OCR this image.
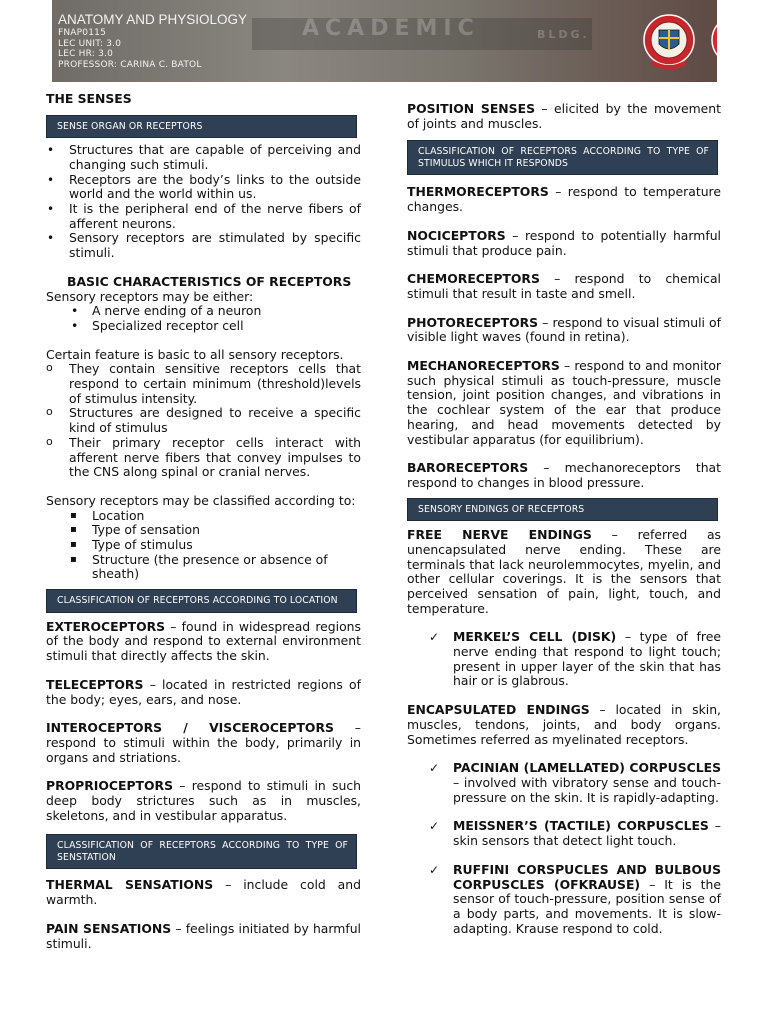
ACADEMIC	BLDG.
ANATOMY AND PHYSIOLOGY
FNAP0115
LEC UNIT: 3.0
LEC HR: 3.0
PROFESSOR: CARINA C. BATOL
THE SENSES
SENSE ORGAN OR RECEPTORS
• Structures that are capable of perceiving and changing such stimuli.
• Receptors are the body’s links to the outside world and the world within us.
• It is the peripheral end of the nerve fibers of afferent neurons.
• Sensory receptors are stimulated by specific stimuli.
BASIC CHARACTERISTICS OF RECEPTORS

Sensory receptors may be either:

• A nerve ending of a neuron
• Specialized receptor cell

Certain feature is basic to all sensory receptors.

o They contain sensitive receptors cells that respond to certain minimum (threshold)levels of stimulus intensity.
o Structures are designed to receive a specific kind of stimulus
o Their primary receptor cells interact with afferent nerve fibers that convey impulses to the CNS along spinal or cranial nerves.

Sensory receptors may be classified according to:

▪ Location
▪ Type of sensation
▪ Type of stimulus
▪ Structure (the presence or absence of sheath)
CLASSIFICATION OF RECEPTORS ACCORDING TO LOCATION

EXTEROCEPTORS – found in widespread regions of the body and respond to external environment stimuli that directly affects the skin.

TELECEPTORS – located in restricted regions of the body; eyes, ears, and nose.

INTEROCEPTORS / VISCEROCEPTORS – respond to stimuli within the body, primarily in organs and striations.

PROPRIOCEPTORS – respond to stimuli in such deep body strictures such as in muscles, skeletons, and in vestibular apparatus.

CLASSIFICATION OF RECEPTORS ACCORDING TO TYPE OF SENSTATION

THERMAL SENSATIONS – include cold and warmth.

PAIN SENSATIONS – feelings initiated by harmful stimuli.

POSITION SENSES – elicited by the movement of joints and muscles.

CLASSIFICATION OF RECEPTORS ACCORDING TO TYPE OF STIMULUS WHICH IT RESPONDS

THERMORECEPTORS – respond to temperature changes.

NOCICEPTORS – respond to potentially harmful stimuli that produce pain.

CHEMORECEPTORS – respond to chemical stimuli that result in taste and smell.

PHOTORECEPTORS – respond to visual stimuli of visible light waves (found in retina).

MECHANORECEPTORS – respond to and monitor such physical stimuli as touch-pressure, muscle tension, joint position changes, and vibrations in the cochlear system of the ear that produce hearing, and head movements detected by vestibular apparatus (for equilibrium).

BARORECEPTORS – mechanoreceptors that respond to changes in blood pressure.

SENSORY ENDINGS OF RECEPTORS

FREE NERVE ENDINGS – referred as unencapsulated nerve ending. These are terminals that lack neurolemmocytes, myelin, and other cellular coverings. It is the sensors that perceived sensation of pain, light, touch, and temperature.

✓ MERKEL’S CELL (DISK) – type of free nerve ending that respond to light touch; present in upper layer of the skin that has hair or is glabrous.

ENCAPSULATED ENDINGS – located in skin, muscles, tendons, joints, and body organs. Sometimes referred as myelinated receptors.

✓ PACINIAN (LAMELLATED) CORPUSCLES – involved with vibratory sense and touch-pressure on the skin. It is rapidly-adapting.

✓ MEISSNER’S (TACTILE) CORPUSCLES – skin sensors that detect light touch.

✓ RUFFINI CORSPUCLES AND BULBOUS CORPUSCLES (OFKRAUSE) – It is the sensor of touch-pressure, position sense of a body parts, and movements. It is slow-adapting. Krause respond to cold.
